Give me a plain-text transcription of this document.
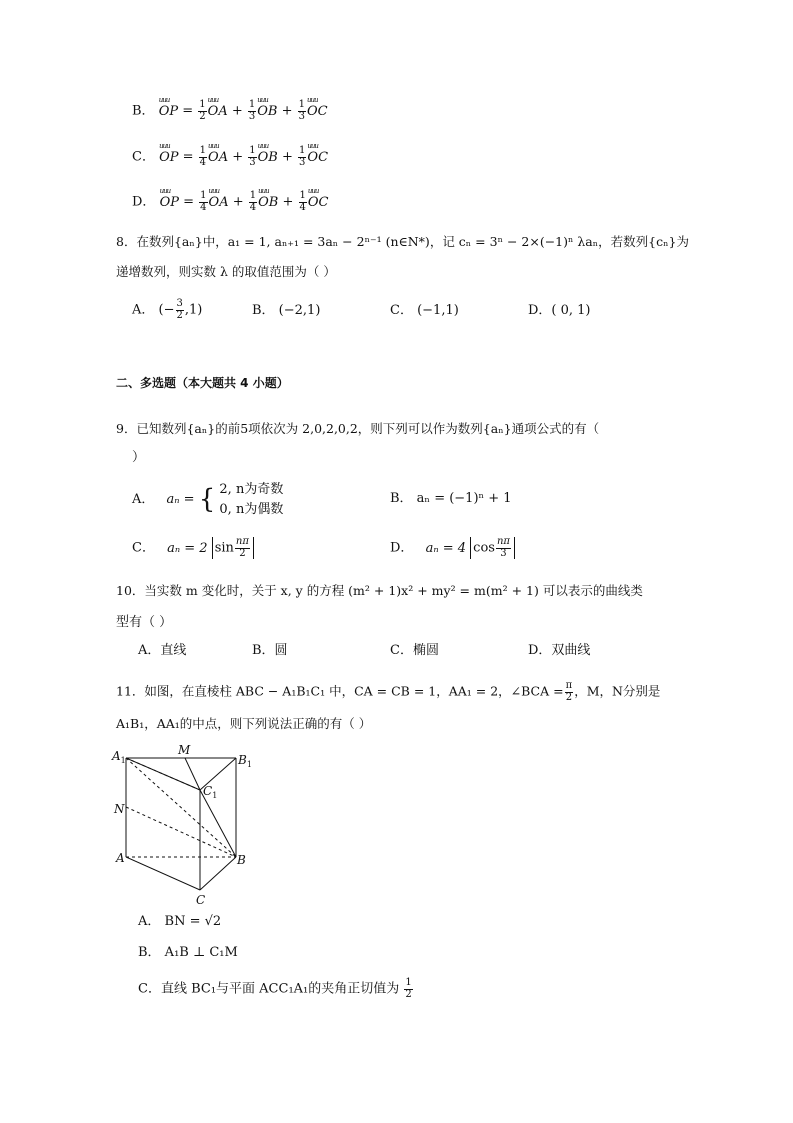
B． uuu OP = $\frac{1}{2}$ uuu OA + $\frac{1}{3}$ uuu OB + $\frac{1}{3}$ uuu OC
C． uuu OP = $\frac{1}{4}$ uuu OA + $\frac{1}{3}$ uuu OB + $\frac{1}{3}$ uuu OC
D． uuu OP = $\frac{1}{4}$ uuu OA + $\frac{1}{4}$ uuu OB + $\frac{1}{4}$ uuu OC
8．在数列{aₙ}中，a₁ = 1, aₙ₊₁ = 3aₙ − 2ⁿ⁻¹ (n∈N*)，记 cₙ = 3ⁿ − 2×(−1)ⁿ λaₙ，若数列{cₙ}为
递增数列，则实数 λ 的取值范围为（ ）
A． (− $\frac{3}{2} ,1$)	B． (−2,1)	C． (−1,1)	D．( 0, 1)
二、多选题（本大题共 4 小题）
9．已知数列{aₙ}的前5项依次为 2,0,2,0,2，则下列可以作为数列{aₙ}通项公式的有（
）
A． aₙ = { 2, n为奇数
0, n为偶数
B． aₙ = (−1)ⁿ + 1
C． aₙ = 2 $\sin \frac{n\pi}{2}$	D． aₙ = 4 $\cos \frac{n\pi}{3}$
10．当实数 m 变化时，关于 x, y 的方程 (m² + 1)x² + my² = m(m² + 1) 可以表示的曲线类
型有（ ）
A．直线	B．圆	C．椭圆	D．双曲线
11．如图，在直棱柱 ABC − A₁B₁C₁ 中，CA = CB = 1，AA₁ = 2，∠BCA = $\frac{\pi}{2}$ ，M，N分别是
A₁B₁，AA₁的中点，则下列说法正确的有（ ）
$A_1$
M
$B_1$
$C_1$
N
A	B
C
A． BN = √2
B． A₁B ⊥ C₁M
C．直线 BC₁与平面 ACC₁A₁的夹角正切值为 $\frac{1}{2}$
